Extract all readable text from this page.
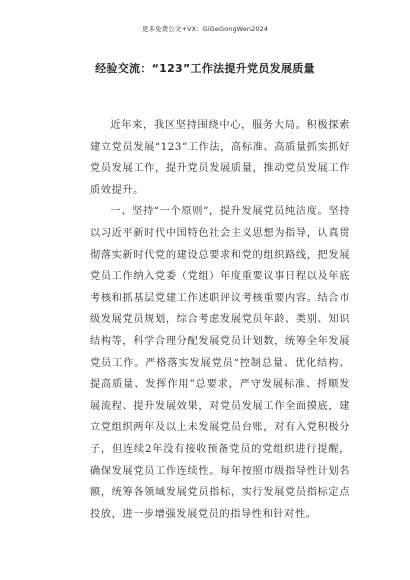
更多免费公文+VX：GiGeGongWen2024
经验交流：“123”工作法提升党员发展质量

近年来，我区坚持围绕中心，服务大局。积极探索建立党员发展“123”工作法，高标准、高质量抓实抓好党员发展工作，提升党员发展质量，推动党员发展工作质效提升。

一、坚持“一个原则”，提升发展党员纯洁度。坚持以习近平新时代中国特色社会主义思想为指导，认真贯彻落实新时代党的建设总要求和党的组织路线，把发展党员工作纳入党委（党组）年度重要议事日程以及年底考核和抓基层党建工作述职评议考核重要内容。结合市级发展党员规划，综合考虑发展党员年龄、类别、知识结构等，科学合理分配发展党员计划数，统筹全年发展党员工作。严格落实发展党员“控制总量、优化结构、提高质量、发挥作用”总要求，严守发展标准、捋顺发展流程、提升发展效果，对党员发展工作全面摸底，建立党组织两年及以上未发展党员台账，对有入党积极分子，但连续2年没有接收预备党员的党组织进行提醒，确保发展党员工作连续性。每年按照市级指导性计划名额，统筹各领域发展党员指标，实行发展党员指标定点投放，进一步增强发展党员的指导性和针对性。
